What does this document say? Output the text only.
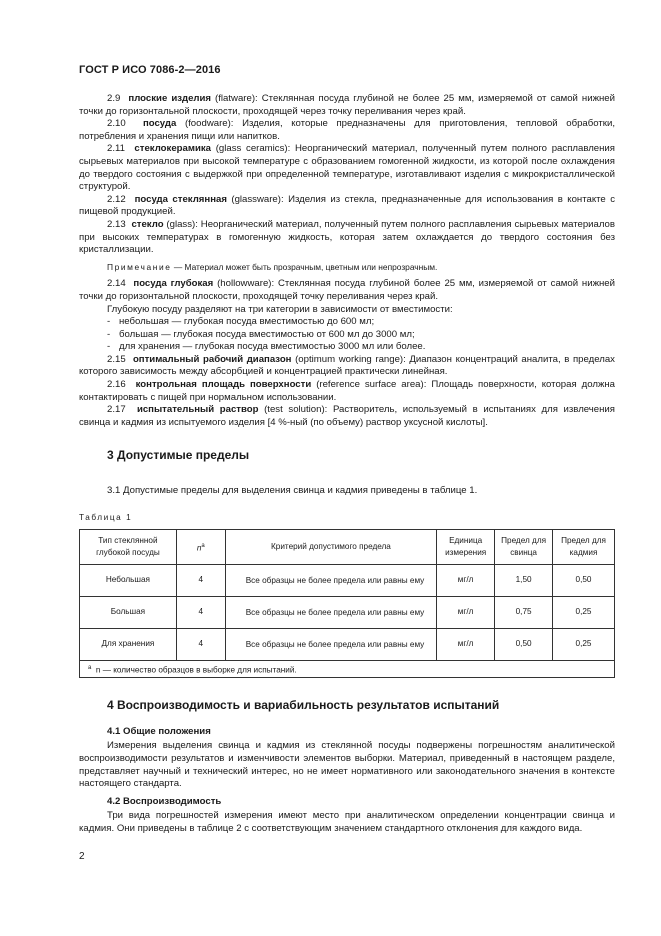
ГОСТ Р ИСО 7086-2—2016

2.9 плоские изделия (flatware): Стеклянная посуда глубиной не более 25 мм, измеряемой от самой нижней точки до горизонтальной плоскости, проходящей через точку переливания через край.

2.10 посуда (foodware): Изделия, которые предназначены для приготовления, тепловой обработки, потребления и хранения пищи или напитков.

2.11 стеклокерамика (glass ceramics): Неорганический материал, полученный путем полного расплавления сырьевых материалов при высокой температуре с образованием гомогенной жидкости, из которой после охлаждения до твердого состояния с выдержкой при определенной температуре, изготавливают изделия с микрокристаллической структурой.

2.12 посуда стеклянная (glassware): Изделия из стекла, предназначенные для использования в контакте с пищевой продукцией.

2.13 стекло (glass): Неорганический материал, полученный путем полного расплавления сырьевых материалов при высоких температурах в гомогенную жидкость, которая затем охлаждается до твердого состояния без кристаллизации.

Примечание — Материал может быть прозрачным, цветным или непрозрачным.

2.14 посуда глубокая (hollowware): Стеклянная посуда глубиной более 25 мм, измеряемой от самой нижней точки до горизонтальной плоскости, проходящей точку переливания через край.

Глубокую посуду разделяют на три категории в зависимости от вместимости:

- небольшая — глубокая посуда вместимостью до 600 мл;
- большая — глубокая посуда вместимостью от 600 мл до 3000 мл;
- для хранения — глубокая посуда вместимостью 3000 мл или более.

2.15 оптимальный рабочий диапазон (optimum working range): Диапазон концентраций аналита, в пределах которого зависимость между абсорбцией и концентрацией практически линейная.

2.16 контрольная площадь поверхности (reference surface area): Площадь поверхности, которая должна контактировать с пищей при нормальном использовании.

2.17 испытательный раствор (test solution): Растворитель, используемый в испытаниях для извлечения свинца и кадмия из испытуемого изделия [4 %-ный (по объему) раствор уксусной кислоты].

3 Допустимые пределы

3.1 Допустимые пределы для выделения свинца и кадмия приведены в таблице 1.

Таблица 1
Тип стеклянной глубокой посуды	$n^a$	Критерий допустимого предела	Единица измерения	Предел для свинца	Предел для кадмия
Небольшая	4	Все образцы не более предела или равны ему	мг/л	1,50	0,50
Большая	4	Все образцы не более предела или равны ему	мг/л	0,75	0,25
Для хранения	4	Все образцы не более предела или равны ему	мг/л	0,50	0,25
$^a$ n — количество образцов в выборке для испытаний.					
4 Воспроизводимость и вариабильность результатов испытаний
4.1 Общие положения

Измерения выделения свинца и кадмия из стеклянной посуды подвержены погрешностям аналитической воспроизводимости результатов и изменчивости элементов выборки. Материал, приведенный в настоящем разделе, представляет научный и технический интерес, но не имеет нормативного или законодательного значения в контексте настоящего стандарта.

4.2 Воспроизводимость

Три вида погрешностей измерения имеют место при аналитическом определении концентрации свинца и кадмия. Они приведены в таблице 2 с соответствующим значением стандартного отклонения для каждого вида.

2
